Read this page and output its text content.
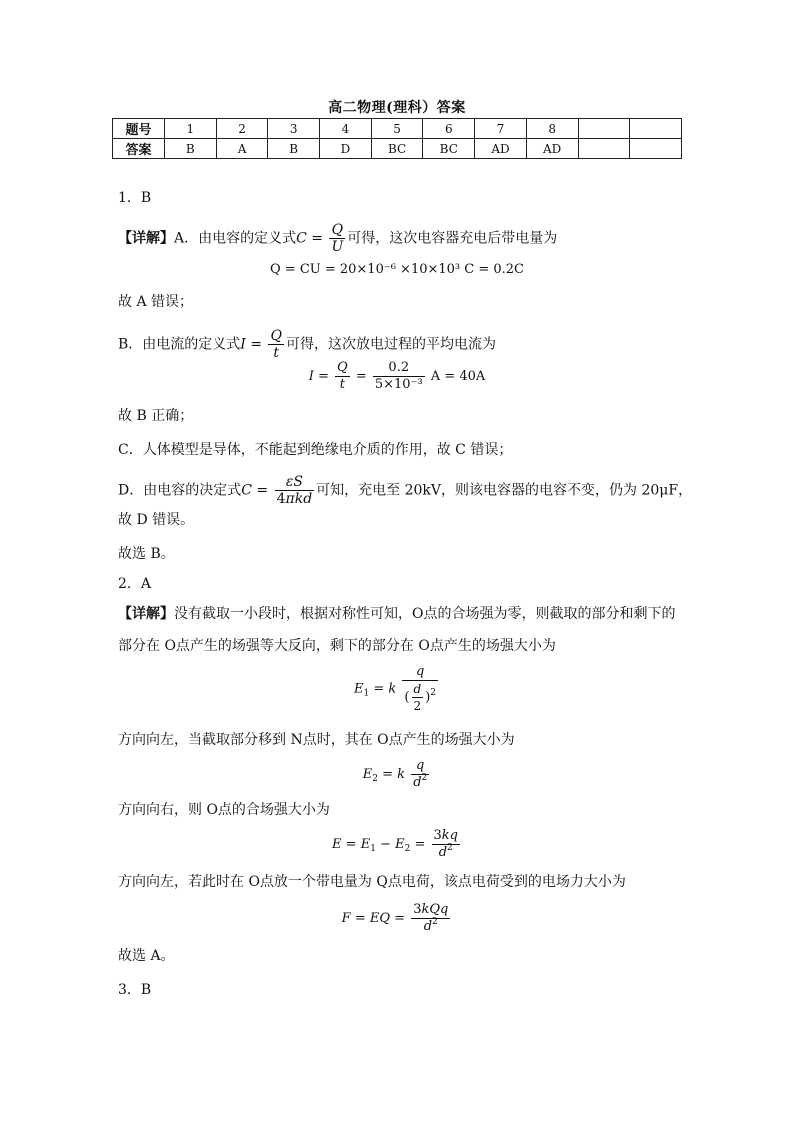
高二物理(理科）答案
题号	1	2	3	4	5	6	7	8		
答案	B	A	B	D	BC	BC	AD	AD		
1．B
【详解】A．由电容的定义式$C = \frac{Q}{U}$ 可得，这次电容器充电后带电量为
Q = CU = 20×10⁻⁶ ×10×10³ C = 0.2C
故 A 错误；
B．由电流的定义式$I = \frac{Q}{t}$ 可得，这次放电过程的平均电流为
$I = \frac{Q}{t} = \frac{0.2}{\text{5×10⁻³}}$ A = 40A
故 B 正确；
C．人体模型是导体，不能起到绝缘电介质的作用，故 C 错误；
D．由电容的决定式$C = \frac{\varepsilon S}{\text{4πkd}}$ 可知，充电至 20kV，则该电容器的电容不变，仍为 20μF，
故 D 错误。
故选 B。
2．A
【详解】没有截取一小段时，根据对称性可知，O点的合场强为零，则截取的部分和剩下的
部分在 O点产生的场强等大反向，剩下的部分在 O点产生的场强大小为
$E_1 = k \frac{q}{( \frac{d}{2} )^2}$
方向向左，当截取部分移到 N点时，其在 O点产生的场强大小为
$E_2 = k \frac{q}{d^2}$
方向向右，则 O点的合场强大小为
$E = E_1 - E_2 = \frac{3kq}{d^2}$
方向向左，若此时在 O点放一个带电量为 Q点电荷，该点电荷受到的电场力大小为
F = EQ = $\frac{\text{3kQq}}{d^2}$
故选 A。
3．B
